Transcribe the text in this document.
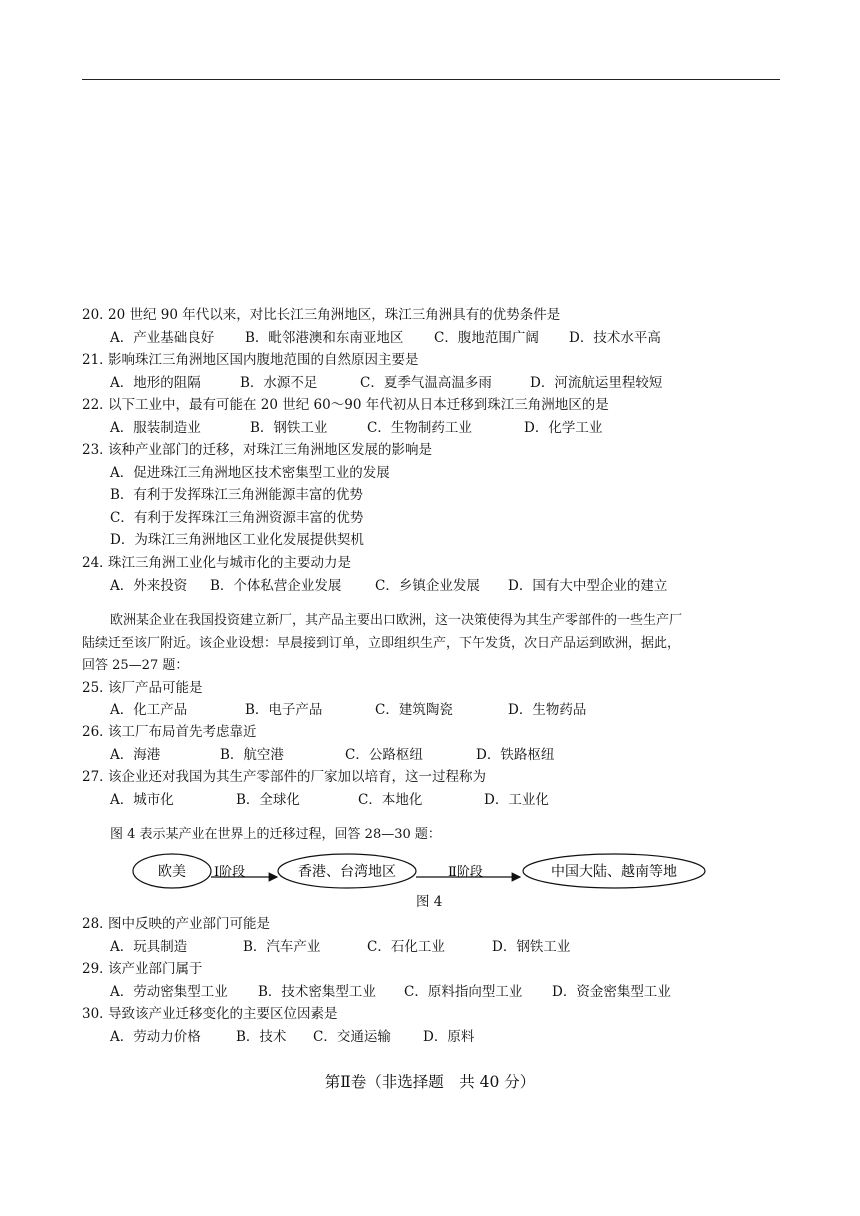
20．20 世纪 90 年代以来，对比长江三角洲地区，珠江三角洲具有的优势条件是
A．产业基础良好 B．毗邻港澳和东南亚地区 C．腹地范围广阔 D．技术水平高
21．影响珠江三角洲地区国内腹地范围的自然原因主要是
A．地形的阻隔	B．水源不足	C．夏季气温高温多雨	D．河流航运里程较短
22．以下工业中，最有可能在 20 世纪 60～90 年代初从日本迁移到珠江三角洲地区的是
A．服装制造业	B．钢铁工业	C．生物制药工业	D．化学工业
23．该种产业部门的迁移，对珠江三角洲地区发展的影响是
A．促进珠江三角洲地区技术密集型工业的发展
B．有利于发挥珠江三角洲能源丰富的优势
C．有利于发挥珠江三角洲资源丰富的优势
D．为珠江三角洲地区工业化发展提供契机
24．珠江三角洲工业化与城市化的主要动力是
A．外来投资 B．个体私营企业发展 C．乡镇企业发展 D．国有大中型企业的建立
欧洲某企业在我国投资建立新厂，其产品主要出口欧洲，这一决策使得为其生产零部件的一些生产厂
陆续迁至该厂附近。该企业设想：早晨接到订单，立即组织生产，下午发货，次日产品运到欧洲，据此，
回答 25—27 题：
25．该厂产品可能是
A．化工产品	B．电子产品	C．建筑陶瓷	D．生物药品
26．该工厂布局首先考虑靠近
A．海港	B．航空港	C．公路枢纽	D．铁路枢纽
27．该企业还对我国为其生产零部件的厂家加以培育，这一过程称为
A．城市化	B．全球化	C．本地化	D．工业化
图 4 表示某产业在世界上的迁移过程，回答 28—30 题：
欧美 Ⅰ阶段	香港、台湾地区	Ⅱ阶段	中国大陆、越南等地
图 4
28．图中反映的产业部门可能是
A．玩具制造	B．汽车产业	C．石化工业	D．钢铁工业
29．该产业部门属于
A．劳动密集型工业 B．技术密集型工业 C．原料指向型工业 D．资金密集型工业
30．导致该产业迁移变化的主要区位因素是
A．劳动力价格	B．技术 C．交通运输 D．原料
第Ⅱ卷（非选择题　共 40 分）
